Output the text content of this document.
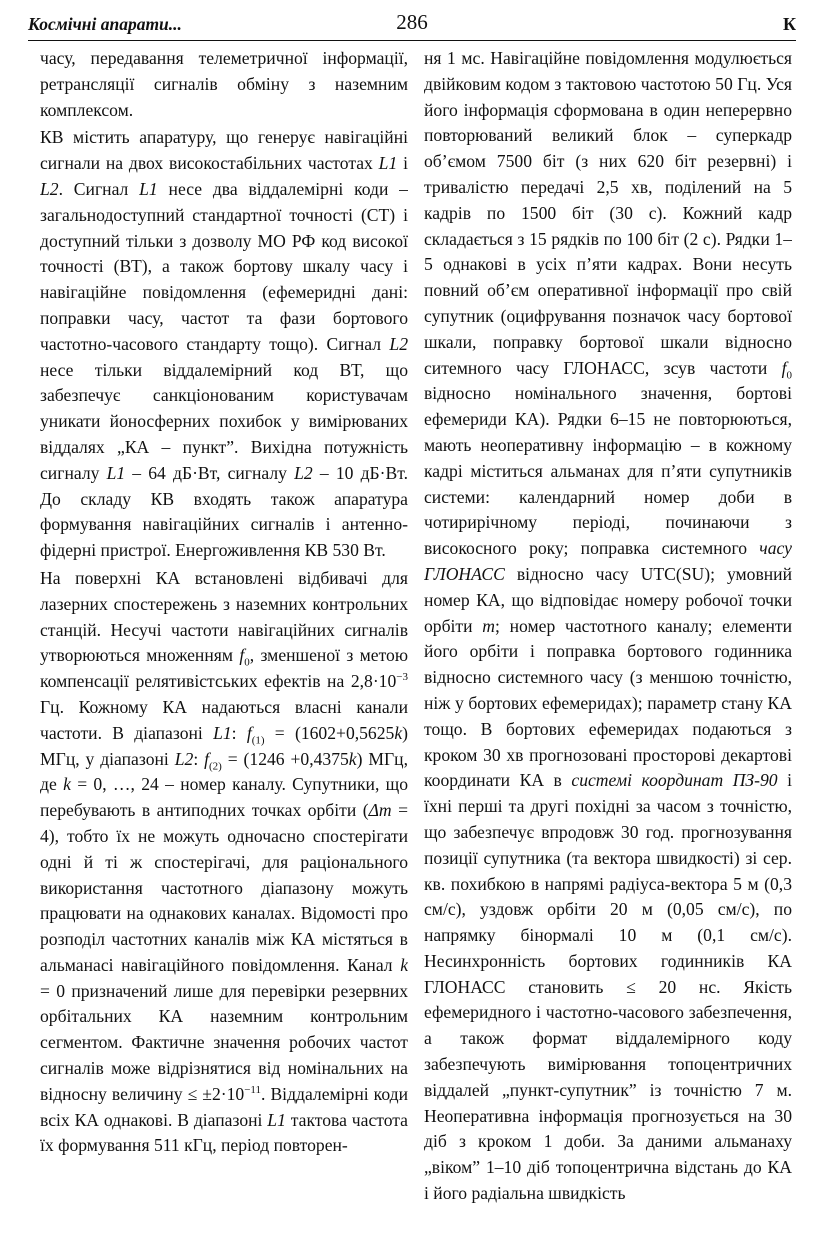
Космічні апарати...	286	К

часу, передавання телеметричної інформації, ретрансляції сигналів обміну з наземним комплексом.

КВ містить апаратуру, що генерує навігаційні сигнали на двох високостабільних частотах L1 і L2. Сигнал L1 несе два віддалемірні коди – загальнодоступний стандартної точності (СТ) і доступний тільки з дозволу МО РФ код високої точності (ВТ), а також бортову шкалу часу і навігаційне повідомлення (ефемеридні дані: поправки часу, частот та фази бортового частотно-часового стандарту тощо). Сигнал L2 несе тільки віддалемірний код ВТ, що забезпечує санкціонованим користувачам уникати йоносферних похибок у вимірюваних віддалях „КА – пункт”. Вихідна потужність сигналу L1 – 64 дБ·Вт, сигналу L2 – 10 дБ·Вт. До складу КВ входять також апаратура формування навігаційних сигналів і антенно-фідерні пристрої. Енергоживлення КВ 530 Вт.

На поверхні КА встановлені відбивачі для лазерних спостережень з наземних контрольних станцій. Несучі частоти навігаційних сигналів утворюються множенням $f_0$, зменшеної з метою компенсації релятивістських ефектів на $2,8\cdot 10^{-3}$ Гц. Кожному КА надаються власні канали частоти. В діапазоні L1: $f_{(1)} = (1602+0,5625k)$ МГц, у діапазоні L2: $f_{(2)} = (1246 +0,4375k)$ МГц, де k = 0, …, 24 – номер каналу. Супутники, що перебувають в антиподних точках орбіти (Δm = 4), тобто їх не можуть одночасно спостерігати одні й ті ж спостерігачі, для раціонального використання частотного діапазону можуть працювати на однакових каналах. Відомості про розподіл частотних каналів між КА містяться в альманасі навігаційного повідомлення. Канал k = 0 призначений лише для перевірки резервних орбітальних КА наземним контрольним сегментом. Фактичне значення робочих частот сигналів може відрізнятися від номінальних на відносну величину ≤ $\pm 2\cdot 10^{-11}$. Віддалемірні коди всіх КА однакові. В діапазоні L1 тактова частота їх формування 511 кГц, період повторен-

ня 1 мс. Навігаційне повідомлення модулюється двійковим кодом з тактовою частотою 50 Гц. Уся його інформація сформована в один неперервно повторюваний великий блок – суперкадр об’ємом 7500 біт (з них 620 біт резервні) і тривалістю передачі 2,5 хв, поділений на 5 кадрів по 1500 біт (30 с). Кожний кадр складається з 15 рядків по 100 біт (2 с). Рядки 1–5 однакові в усіх п’яти кадрах. Вони несуть повний об’єм оперативної інформації про свій супутник (оцифрування позначок часу бортової шкали, поправку бортової шкали відносно ситемного часу ГЛОНАСС, зсув частоти $f_0$ відносно номінального значення, бортові ефемериди КА). Рядки 6–15 не повторюються, мають неоперативну інформацію – в кожному кадрі міститься альманах для п’яти супутників системи: календарний номер доби в чотирирічному періоді, починаючи з високосного року; поправка системного часу ГЛОНАСС відносно часу UTC(SU); умовний номер КА, що відповідає номеру робочої точки орбіти m; номер частотного каналу; елементи його орбіти і поправка бортового годинника відносно системного часу (з меншою точністю, ніж у бортових ефемеридах); параметр стану КА тощо. В бортових ефемеридах подаються з кроком 30 хв прогнозовані просторові декартові координати КА в системі координат ПЗ-90 і їхні перші та другі похідні за часом з точністю, що забезпечує впродовж 30 год. прогнозування позиції супутника (та вектора швидкості) зі сер. кв. похибкою в напрямі радіуса-вектора 5 м (0,3 см/с), уздовж орбіти 20 м (0,05 см/с), по напрямку бінормалі 10 м (0,1 см/с). Несинхронність бортових годинників КА ГЛОНАСС становить ≤ 20 нс. Якість ефемеридного і частотно-часового забезпечення, а також формат віддалемірного коду забезпечують вимірювання топоцентричних віддалей „пункт-супутник” із точністю 7 м. Неоперативна інформація прогнозується на 30 діб з кроком 1 доби. За даними альманаху „віком” 1–10 діб топоцентрична відстань до КА і його радіальна швидкість
